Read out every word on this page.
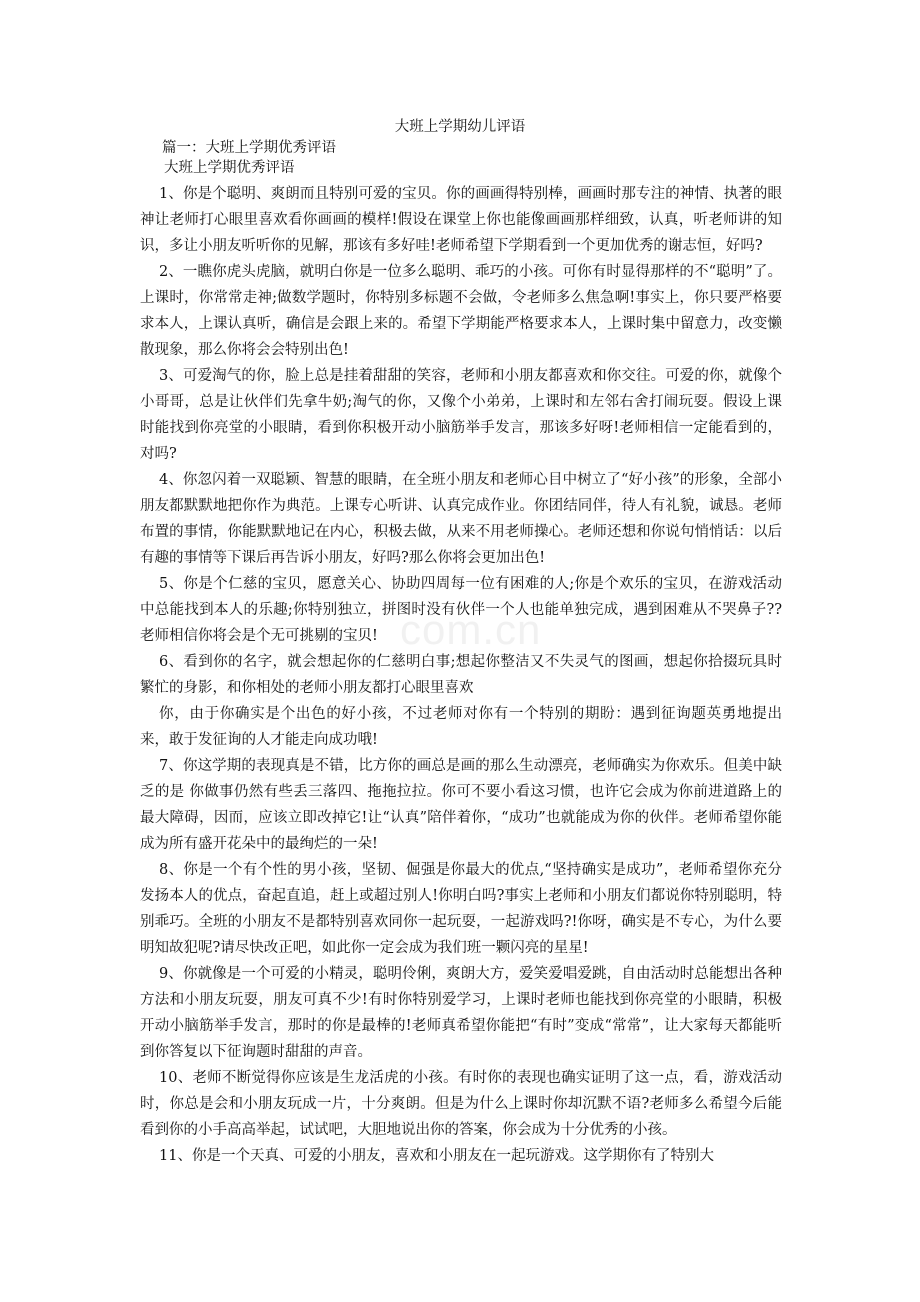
大班上学期幼儿评语

篇一：大班上学期优秀评语

大班上学期优秀评语

1、你是个聪明、爽朗而且特别可爱的宝贝。你的画画得特别棒，画画时那专注的神情、执著的眼神让老师打心眼里喜欢看你画画的模样!假设在课堂上你也能像画画那样细致，认真，听老师讲的知识，多让小朋友听听你的见解，那该有多好哇!老师希望下学期看到一个更加优秀的谢志恒，好吗?

2、一瞧你虎头虎脑，就明白你是一位多么聪明、乖巧的小孩。可你有时显得那样的不“聪明”了。上课时，你常常走神;做数学题时，你特别多标题不会做，令老师多么焦急啊!事实上，你只要严格要求本人，上课认真听，确信是会跟上来的。希望下学期能严格要求本人，上课时集中留意力，改变懒散现象，那么你将会会特别出色!

3、可爱淘气的你，脸上总是挂着甜甜的笑容，老师和小朋友都喜欢和你交往。可爱的你，就像个小哥哥，总是让伙伴们先拿牛奶;淘气的你，又像个小弟弟，上课时和左邻右舍打闹玩耍。假设上课时能找到你亮堂的小眼睛，看到你积极开动小脑筋举手发言，那该多好呀!老师相信一定能看到的，对吗?

4、你忽闪着一双聪颖、智慧的眼睛，在全班小朋友和老师心目中树立了“好小孩”的形象，全部小朋友都默默地把你作为典范。上课专心听讲、认真完成作业。你团结同伴，待人有礼貌，诚恳。老师布置的事情，你能默默地记在内心，积极去做，从来不用老师操心。老师还想和你说句悄悄话：以后有趣的事情等下课后再告诉小朋友，好吗?那么你将会更加出色!

5、你是个仁慈的宝贝，愿意关心、协助四周每一位有困难的人;你是个欢乐的宝贝，在游戏活动中总能找到本人的乐趣;你特别独立，拼图时没有伙伴一个人也能单独完成，遇到困难从不哭鼻子??老师相信你将会是个无可挑剔的宝贝!

6、看到你的名字，就会想起你的仁慈明白事;想起你整洁又不失灵气的图画，想起你拾掇玩具时繁忙的身影，和你相处的老师小朋友都打心眼里喜欢

你，由于你确实是个出色的好小孩，不过老师对你有一个特别的期盼：遇到征询题英勇地提出来，敢于发征询的人才能走向成功哦!

7、你这学期的表现真是不错，比方你的画总是画的那么生动漂亮，老师确实为你欢乐。但美中缺乏的是 你做事仍然有些丢三落四、拖拖拉拉。你可不要小看这习惯，也许它会成为你前进道路上的最大障碍，因而，应该立即改掉它!让“认真”陪伴着你，“成功”也就能成为你的伙伴。老师希望你能成为所有盛开花朵中的最绚烂的一朵!

8、你是一个有个性的男小孩，坚韧、倔强是你最大的优点,“坚持确实是成功”，老师希望你充分发扬本人的优点，奋起直追，赶上或超过别人!你明白吗?事实上老师和小朋友们都说你特别聪明，特别乖巧。全班的小朋友不是都特别喜欢同你一起玩耍，一起游戏吗?!你呀，确实是不专心，为什么要明知故犯呢?请尽快改正吧，如此你一定会成为我们班一颗闪亮的星星!

9、你就像是一个可爱的小精灵，聪明伶俐，爽朗大方，爱笑爱唱爱跳，自由活动时总能想出各种方法和小朋友玩耍，朋友可真不少!有时你特别爱学习，上课时老师也能找到你亮堂的小眼睛，积极开动小脑筋举手发言，那时的你是最棒的!老师真希望你能把“有时”变成“常常”，让大家每天都能听到你答复以下征询题时甜甜的声音。

10、老师不断觉得你应该是生龙活虎的小孩。有时你的表现也确实证明了这一点，看，游戏活动时，你总是会和小朋友玩成一片，十分爽朗。但是为什么上课时你却沉默不语?老师多么希望今后能看到你的小手高高举起，试试吧，大胆地说出你的答案，你会成为十分优秀的小孩。

11、你是一个天真、可爱的小朋友，喜欢和小朋友在一起玩游戏。这学期你有了特别大

com.cn
